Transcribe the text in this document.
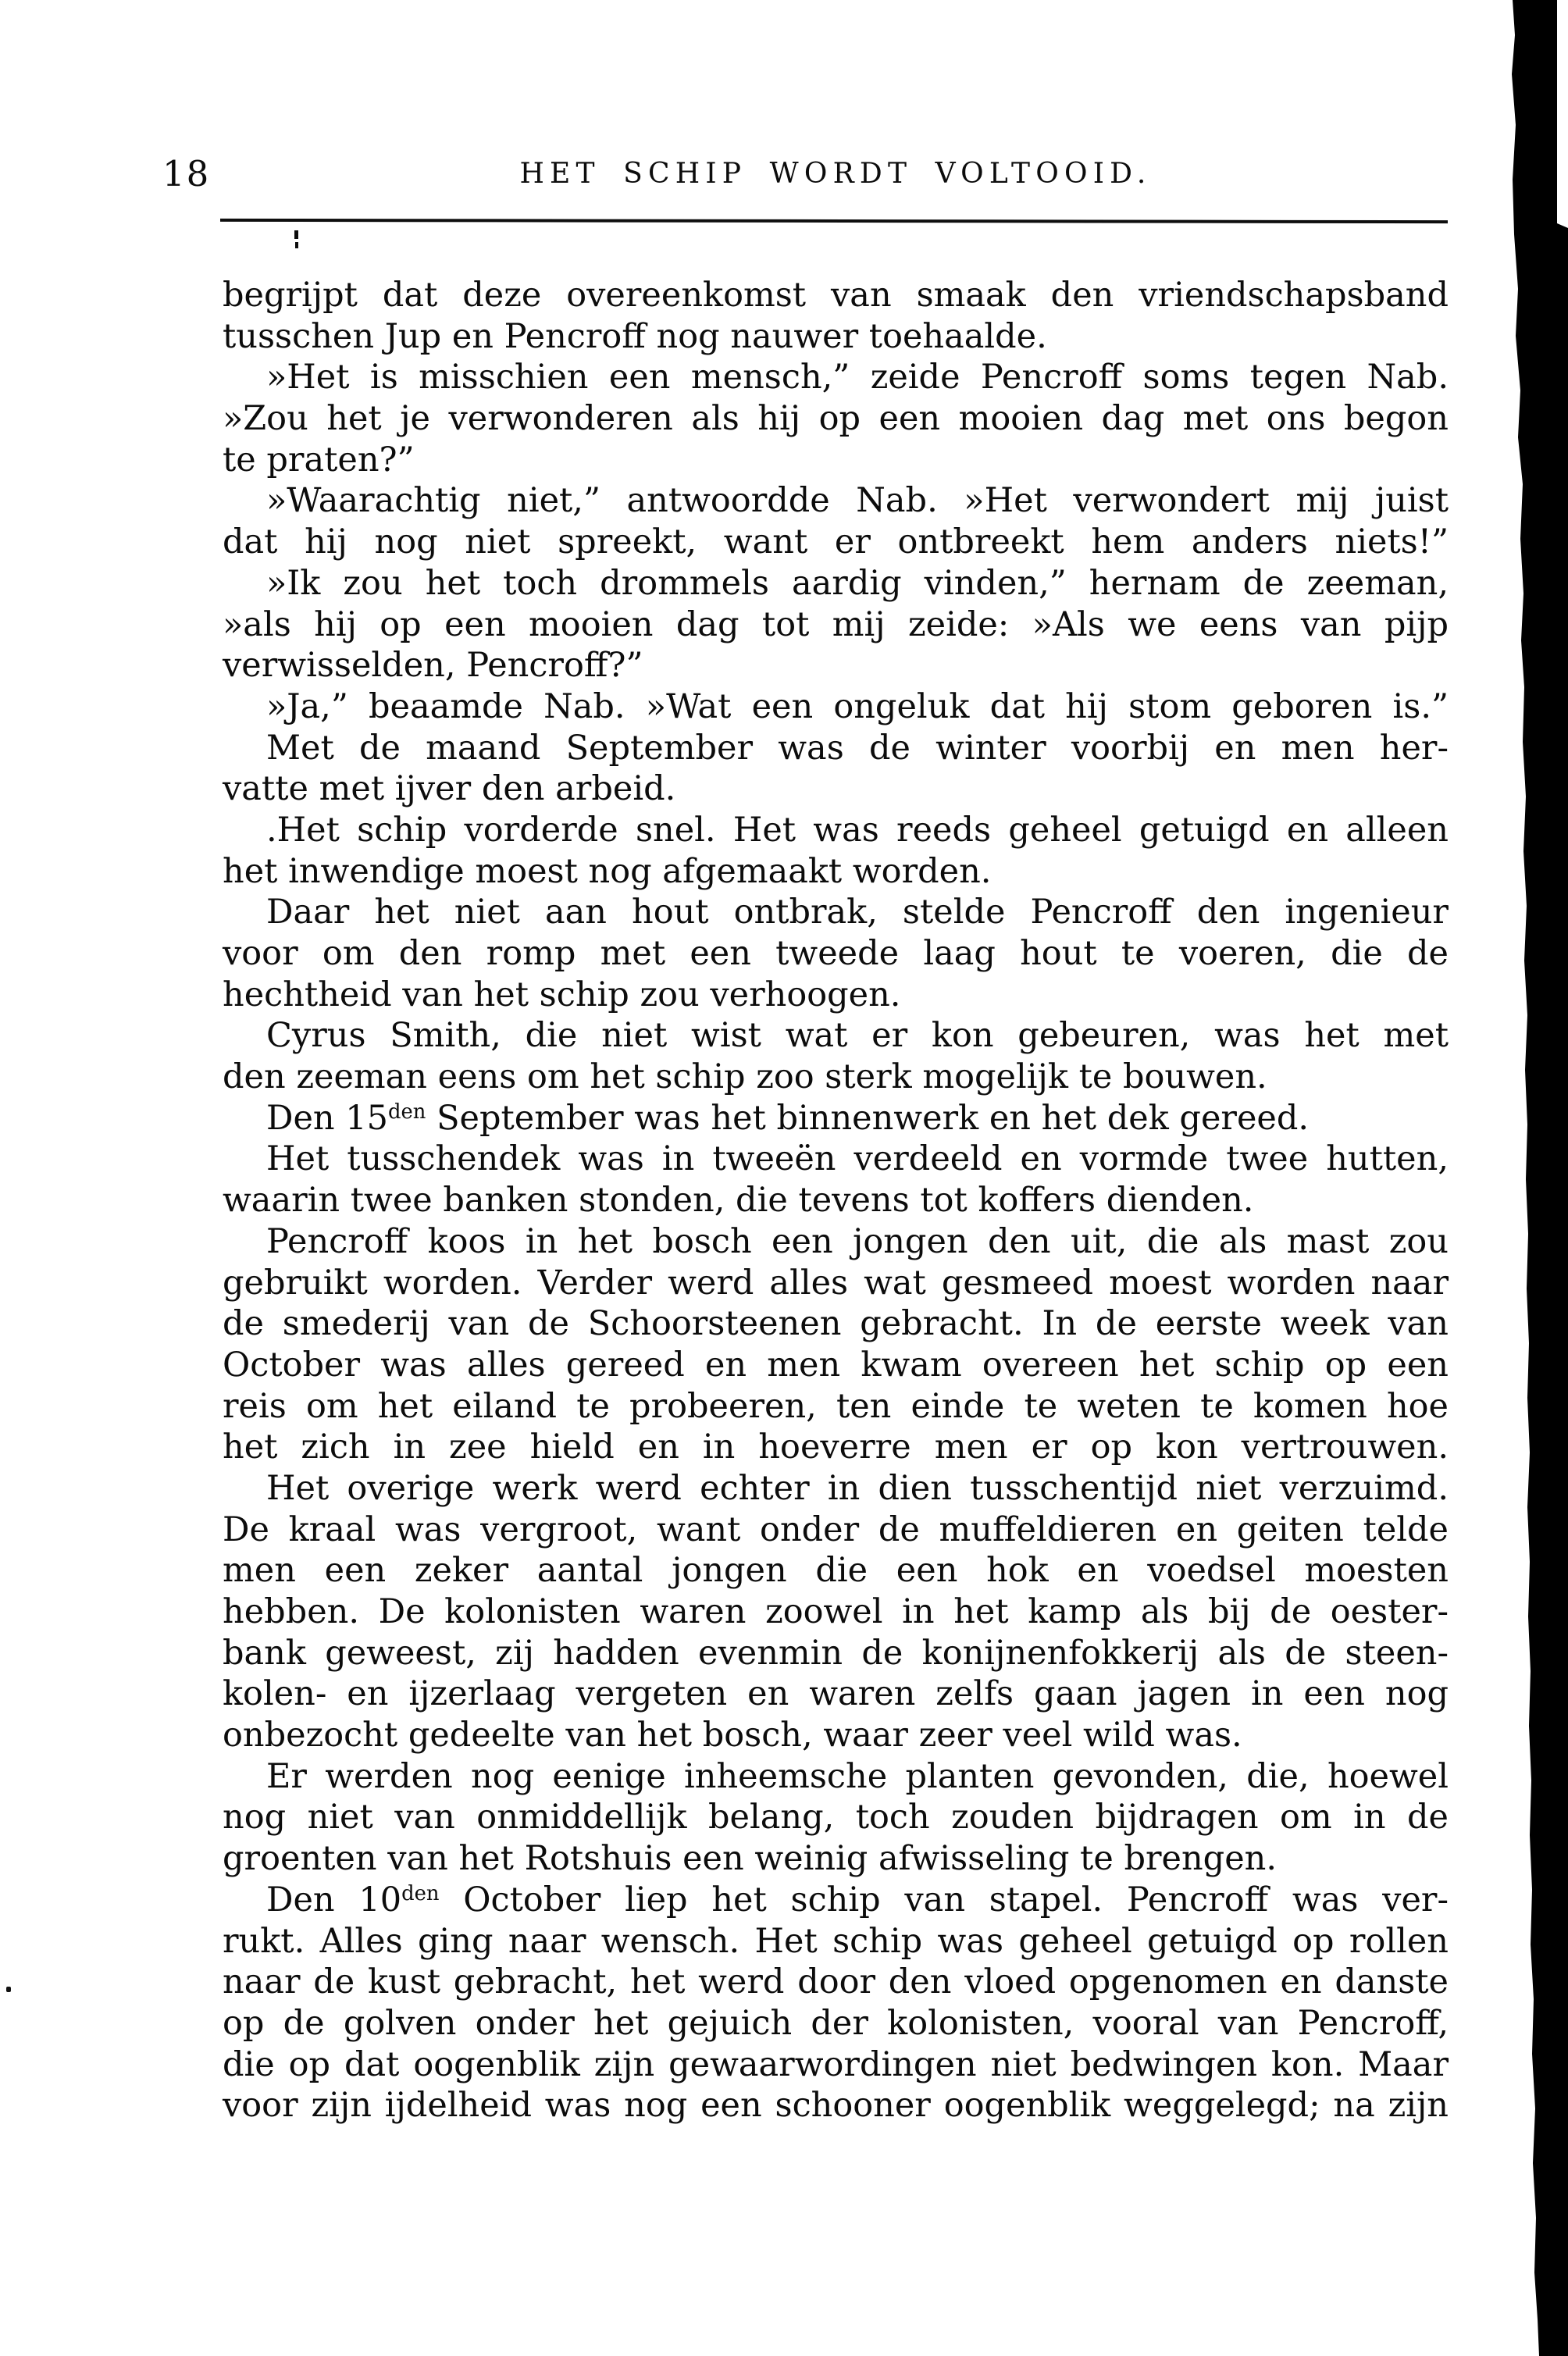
18	HET SCHIP WORDT VOLTOOID.
begrijpt dat deze overeenkomst van smaak den vriendschapsband
tusschen Jup en Pencroff nog nauwer toehaalde.
»Het is misschien een mensch,” zeide Pencroff soms tegen Nab.
»Zou het je verwonderen als hij op een mooien dag met ons begon
te praten?”
»Waarachtig niet,” antwoordde Nab. »Het verwondert mij juist
dat hij nog niet spreekt, want er ontbreekt hem anders niets!”
»Ik zou het toch drommels aardig vinden,” hernam de zeeman,
»als hij op een mooien dag tot mij zeide: »Als we eens van pijp
verwisselden, Pencroff?”
»Ja,” beaamde Nab. »Wat een ongeluk dat hij stom geboren is.”
Met de maand September was de winter voorbij en men her-
vatte met ijver den arbeid.
.Het schip vorderde snel. Het was reeds geheel getuigd en alleen
het inwendige moest nog afgemaakt worden.
Daar het niet aan hout ontbrak, stelde Pencroff den ingenieur
voor om den romp met een tweede laag hout te voeren, die de
hechtheid van het schip zou verhoogen.
Cyrus Smith, die niet wist wat er kon gebeuren, was het met
den zeeman eens om het schip zoo sterk mogelijk te bouwen.
Den $15^{den}$ September was het binnenwerk en het dek gereed.
Het tusschendek was in tweeën verdeeld en vormde twee hutten,
waarin twee banken stonden, die tevens tot koffers dienden.
Pencroff koos in het bosch een jongen den uit, die als mast zou
gebruikt worden. Verder werd alles wat gesmeed moest worden naar
de smederij van de Schoorsteenen gebracht. In de eerste week van
October was alles gereed en men kwam overeen het schip op een
reis om het eiland te probeeren, ten einde te weten te komen hoe
het zich in zee hield en in hoeverre men er op kon vertrouwen.
Het overige werk werd echter in dien tusschentijd niet verzuimd.
De kraal was vergroot, want onder de muffeldieren en geiten telde
men een zeker aantal jongen die een hok en voedsel moesten
hebben. De kolonisten waren zoowel in het kamp als bij de oester-
bank geweest, zij hadden evenmin de konijnenfokkerij als de steen-
kolen- en ijzerlaag vergeten en waren zelfs gaan jagen in een nog
onbezocht gedeelte van het bosch, waar zeer veel wild was.
Er werden nog eenige inheemsche planten gevonden, die, hoewel
nog niet van onmiddellijk belang, toch zouden bijdragen om in de
groenten van het Rotshuis een weinig afwisseling te brengen.
Den $10^{den}$ October liep het schip van stapel. Pencroff was ver-
rukt. Alles ging naar wensch. Het schip was geheel getuigd op rollen
naar de kust gebracht, het werd door den vloed opgenomen en danste
op de golven onder het gejuich der kolonisten, vooral van Pencroff,
die op dat oogenblik zijn gewaarwordingen niet bedwingen kon. Maar
voor zijn ijdelheid was nog een schooner oogenblik weggelegd; na zijn
